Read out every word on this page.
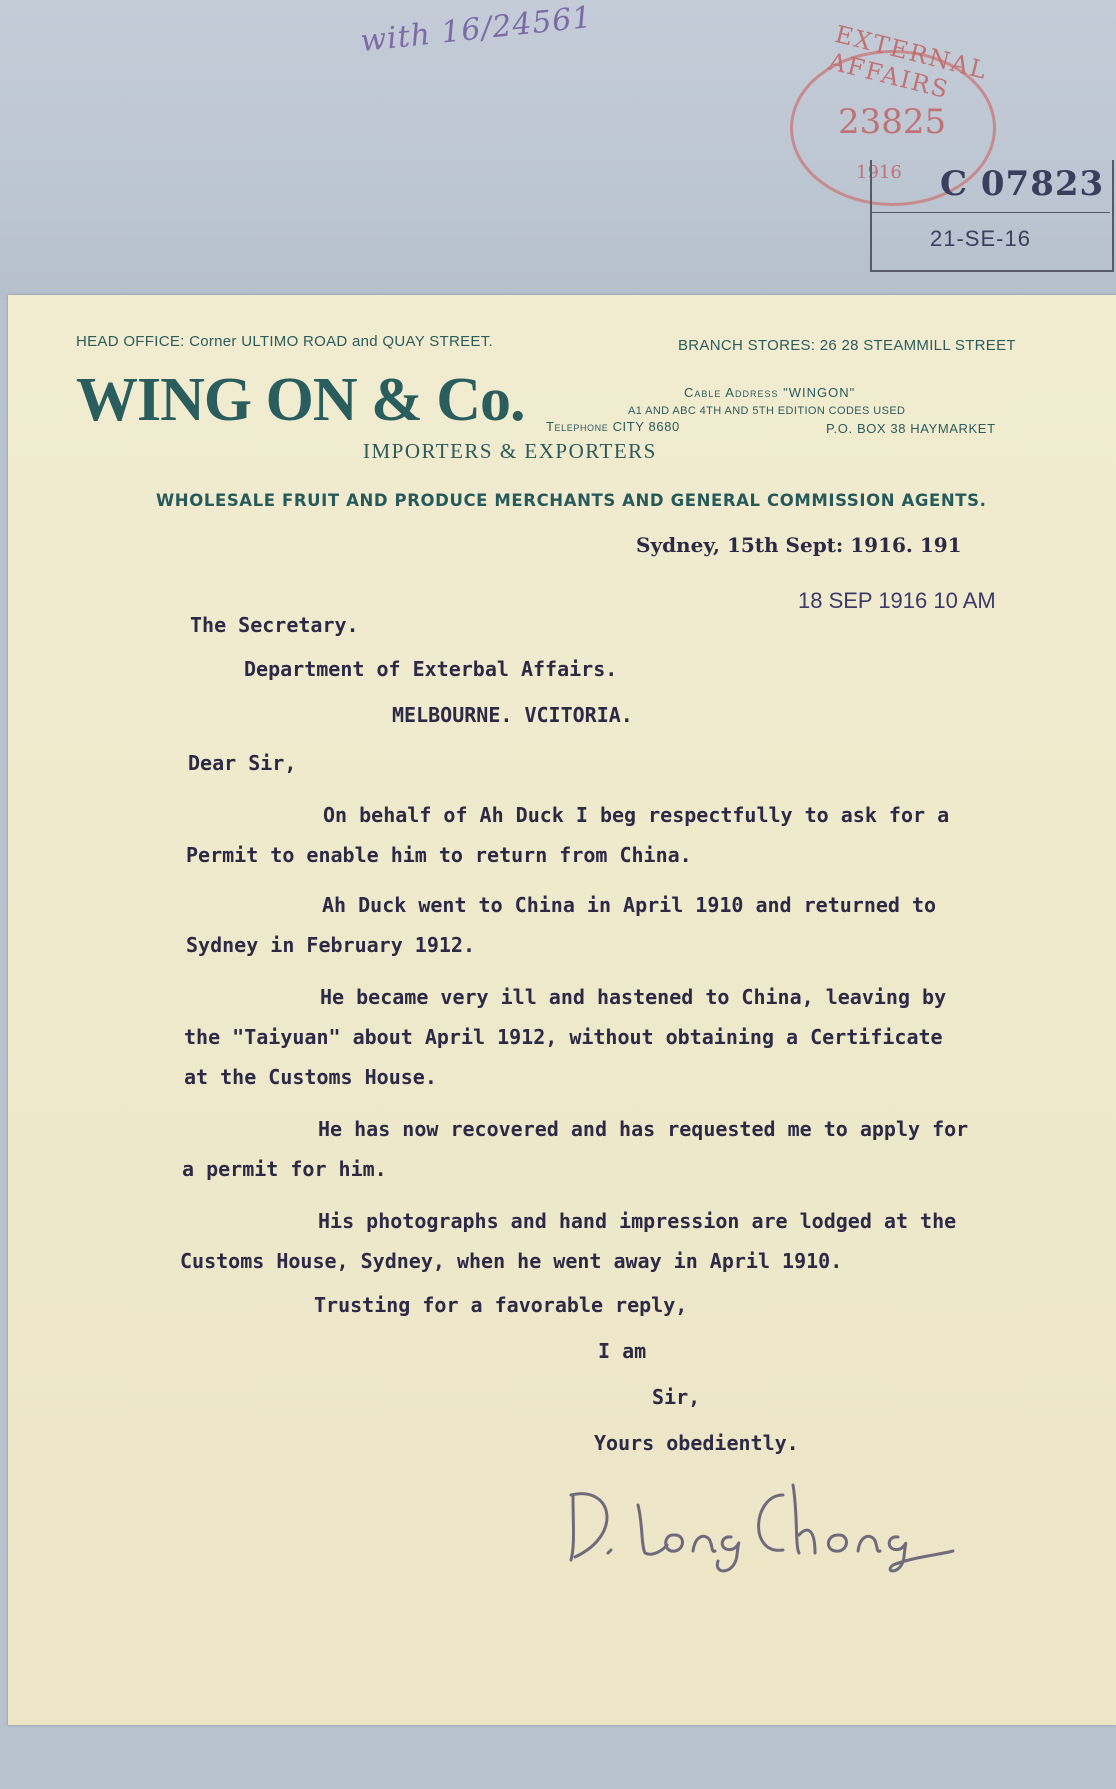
with 16/24561	EXTERNAL AFFAIRS
23825
1916 C 07823
21-SE-16
HEAD OFFICE: Corner ULTIMO ROAD and QUAY STREET.	BRANCH STORES: 26 28 STEAMMILL STREET
WING ON & Co.	Cable Address "WINGON"
A1 AND ABC 4TH AND 5TH EDITION CODES USED
Telephone CITY 8680	P.O. BOX 38 HAYMARKET
IMPORTERS & EXPORTERS
WHOLESALE FRUIT AND PRODUCE MERCHANTS AND GENERAL COMMISSION AGENTS.
Sydney, 15th Sept: 1916. 191
18 SEP 1916 10 AM
The Secretary.
Department of Exterbal Affairs.
MELBOURNE. VCITORIA.
Dear Sir,
On behalf of Ah Duck I beg respectfully to ask for a
Permit to enable him to return from China.
Ah Duck went to China in April 1910 and returned to
Sydney in February 1912.
He became very ill and hastened to China, leaving by
the "Taiyuan" about April 1912, without obtaining a Certificate
at the Customs House.
He has now recovered and has requested me to apply for
a permit for him.
His photographs and hand impression are lodged at the
Customs House, Sydney, when he went away in April 1910.
Trusting for a favorable reply,
I am
Sir,
Yours obediently.
